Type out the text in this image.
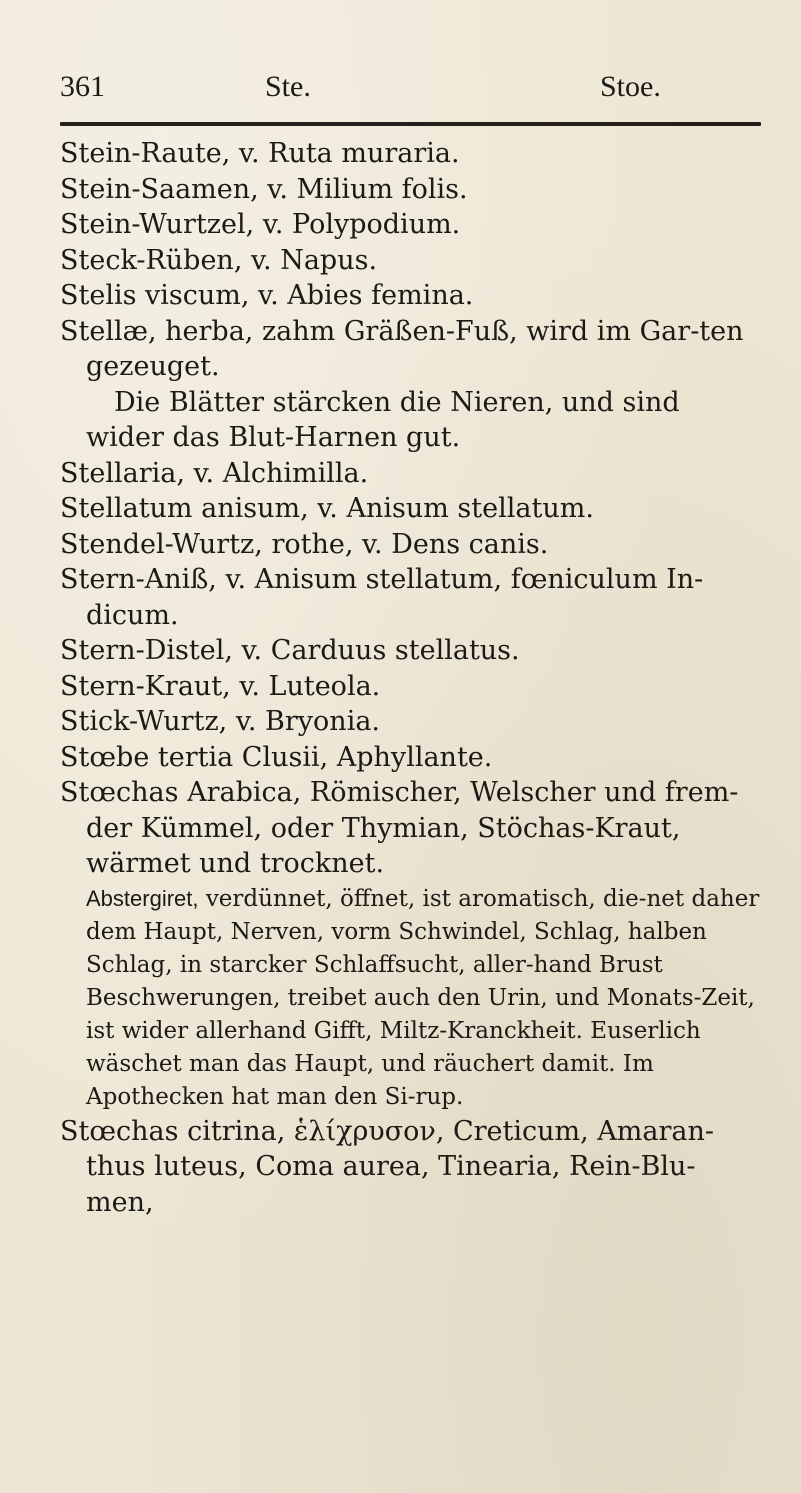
361	Ste.	Stoe.

Stein-Raute, v. Ruta muraria.

Stein-Saamen, v. Milium folis.

Stein-Wurtzel, v. Polypodium.

Steck-Rüben, v. Napus.

Stelis viscum, v. Abies femina.

Stellæ, herba, zahm Gräßen-Fuß, wird im Gar-ten gezeuget.

Die Blätter stärcken die Nieren, und sind wider das Blut-Harnen gut.

Stellaria, v. Alchimilla.

Stellatum anisum, v. Anisum stellatum.

Stendel-Wurtz, rothe, v. Dens canis.

Stern-Aniß, v. Anisum stellatum, fœniculum In-dicum.

Stern-Distel, v. Carduus stellatus.

Stern-Kraut, v. Luteola.

Stick-Wurtz, v. Bryonia.

Stœbe tertia Clusii, Aphyllante.

Stœchas Arabica, Römischer, Welscher und frem-der Kümmel, oder Thymian, Stöchas-Kraut, wärmet und trocknet.

Abstergiret, verdünnet, öffnet, ist aromatisch, die-net daher dem Haupt, Nerven, vorm Schwindel, Schlag, halben Schlag, in starcker Schlaffsucht, aller-hand Brust Beschwerungen, treibet auch den Urin, und Monats-Zeit, ist wider allerhand Gifft, Miltz-Kranckheit. Euserlich wäschet man das Haupt, und räuchert damit. Im Apothecken hat man den Si-rup.

Stœchas citrina, ἑλίχρυσον, Creticum, Amaran-thus luteus, Coma aurea, Tinearia, Rein-Blu-men,
